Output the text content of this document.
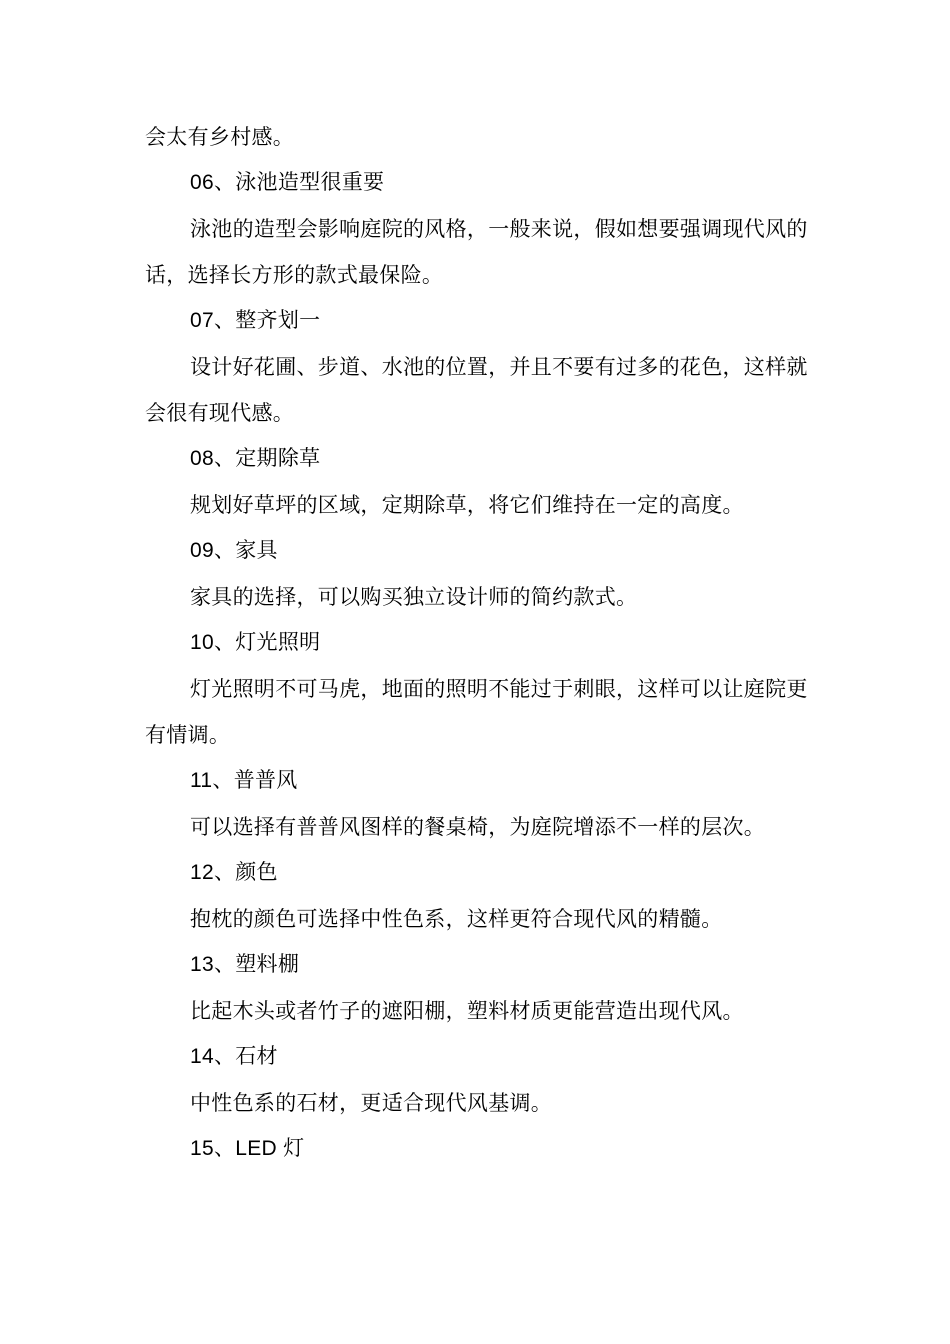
会太有乡村感。

06、泳池造型很重要

泳池的造型会影响庭院的风格，一般来说，假如想要强调现代风的话，选择长方形的款式最保险。

07、整齐划一

设计好花圃、步道、水池的位置，并且不要有过多的花色，这样就会很有现代感。

08、定期除草

规划好草坪的区域，定期除草，将它们维持在一定的高度。

09、家具

家具的选择，可以购买独立设计师的简约款式。

10、灯光照明

灯光照明不可马虎，地面的照明不能过于刺眼，这样可以让庭院更有情调。

11、普普风

可以选择有普普风图样的餐桌椅，为庭院增添不一样的层次。

12、颜色

抱枕的颜色可选择中性色系，这样更符合现代风的精髓。

13、塑料棚

比起木头或者竹子的遮阳棚，塑料材质更能营造出现代风。

14、石材

中性色系的石材，更适合现代风基调。

15、LED 灯
